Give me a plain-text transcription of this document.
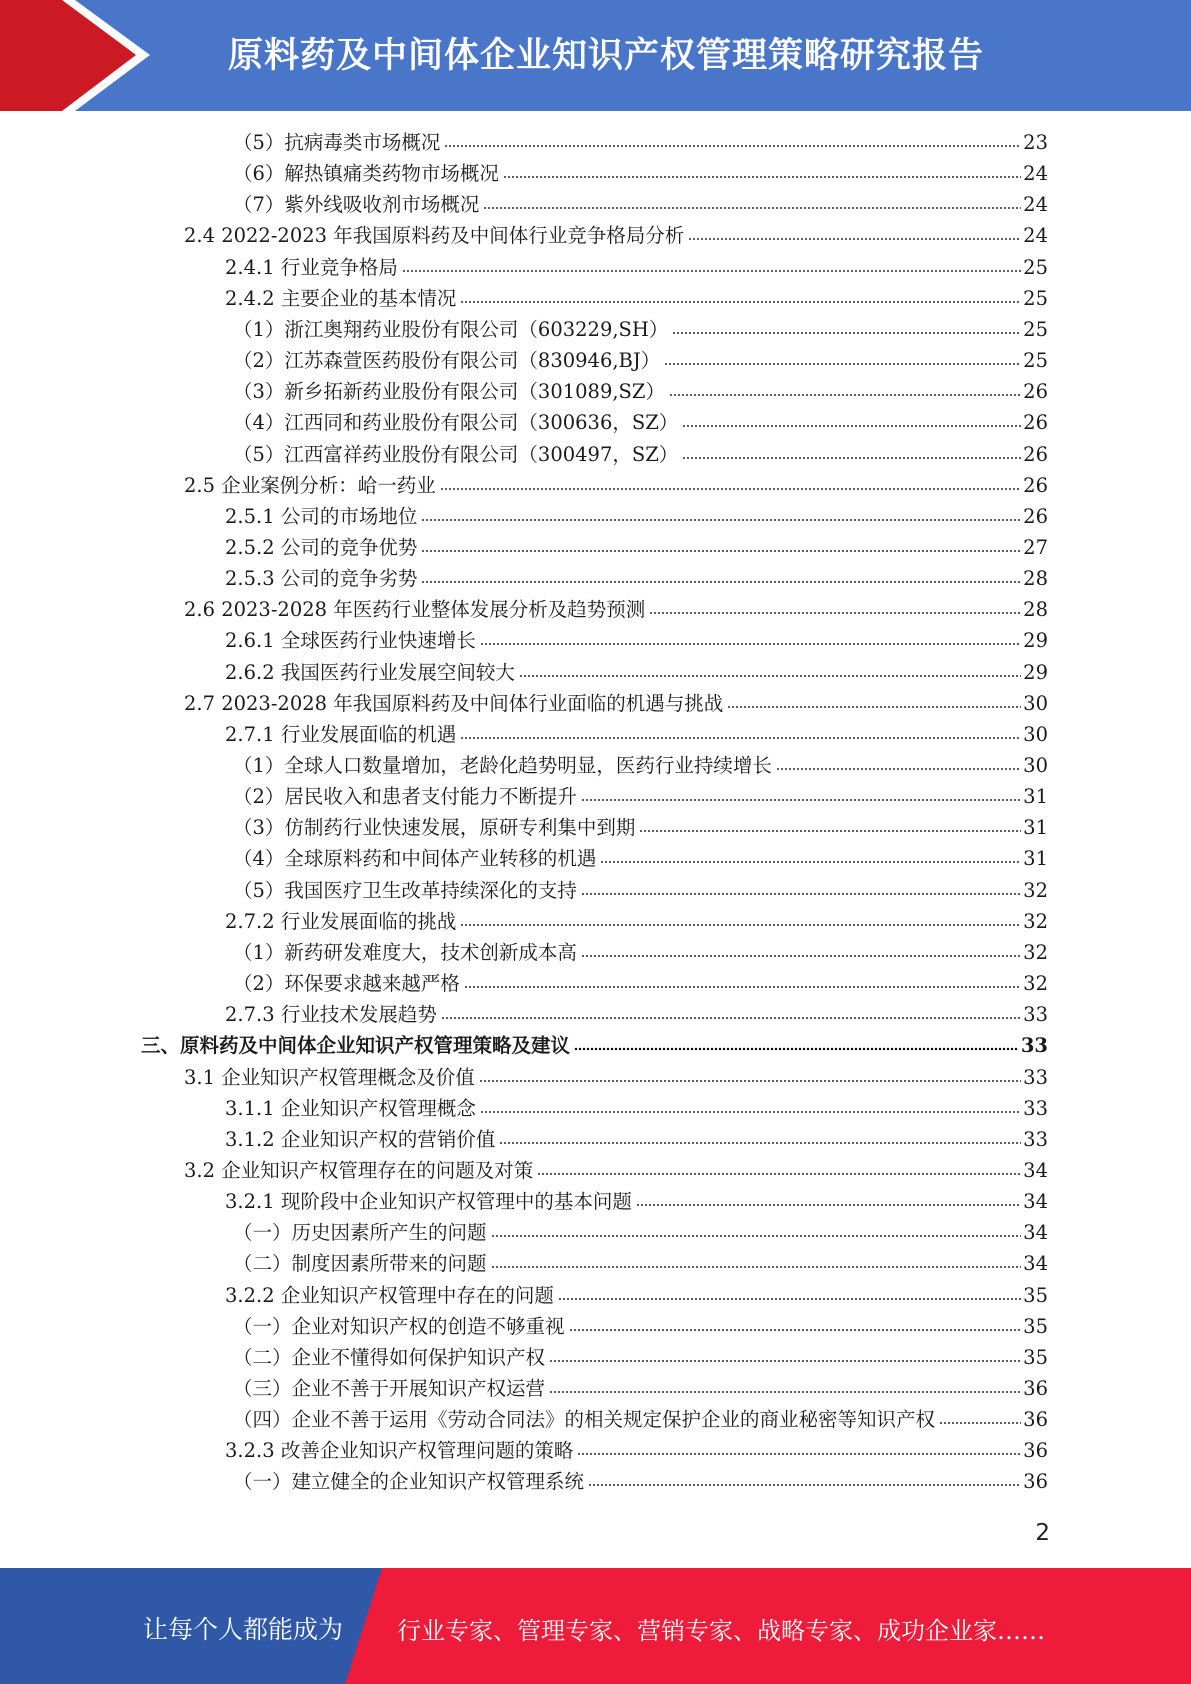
原料药及中间体企业知识产权管理策略研究报告
（5）抗病毒类市场概况	23
（6）解热镇痛类药物市场概况	24
（7）紫外线吸收剂市场概况	24
2.4 2022-2023 年我国原料药及中间体行业竞争格局分析	24
2.4.1 行业竞争格局	25
2.4.2 主要企业的基本情况	25
（1）浙江奥翔药业股份有限公司（603229,SH）	25
（2）江苏森萱医药股份有限公司（830946,BJ）	25
（3）新乡拓新药业股份有限公司（301089,SZ）	26
（4）江西同和药业股份有限公司（300636，SZ）	26
（5）江西富祥药业股份有限公司（300497，SZ）	26
2.5 企业案例分析：峆一药业	26
2.5.1 公司的市场地位	26
2.5.2 公司的竞争优势	27
2.5.3 公司的竞争劣势	28
2.6 2023-2028 年医药行业整体发展分析及趋势预测	28
2.6.1 全球医药行业快速增长	29
2.6.2 我国医药行业发展空间较大	29
2.7 2023-2028 年我国原料药及中间体行业面临的机遇与挑战	30
2.7.1 行业发展面临的机遇	30
（1）全球人口数量增加，老龄化趋势明显，医药行业持续增长	30
（2）居民收入和患者支付能力不断提升	31
（3）仿制药行业快速发展，原研专利集中到期	31
（4）全球原料药和中间体产业转移的机遇	31
（5）我国医疗卫生改革持续深化的支持	32
2.7.2 行业发展面临的挑战	32
（1）新药研发难度大，技术创新成本高	32
（2）环保要求越来越严格	32
2.7.3 行业技术发展趋势	33
三、原料药及中间体企业知识产权管理策略及建议	33
3.1 企业知识产权管理概念及价值	33
3.1.1 企业知识产权管理概念	33
3.1.2 企业知识产权的营销价值	33
3.2 企业知识产权管理存在的问题及对策	34
3.2.1 现阶段中企业知识产权管理中的基本问题	34
（一）历史因素所产生的问题	34
（二）制度因素所带来的问题	34
3.2.2 企业知识产权管理中存在的问题	35
（一）企业对知识产权的创造不够重视	35
（二）企业不懂得如何保护知识产权	35
（三）企业不善于开展知识产权运营	36
（四）企业不善于运用《劳动合同法》的相关规定保护企业的商业秘密等知识产权	36
3.2.3 改善企业知识产权管理问题的策略	36
（一）建立健全的企业知识产权管理系统	36
2
让每个人都能成为 行业专家、管理专家、营销专家、战略专家、成功企业家……
